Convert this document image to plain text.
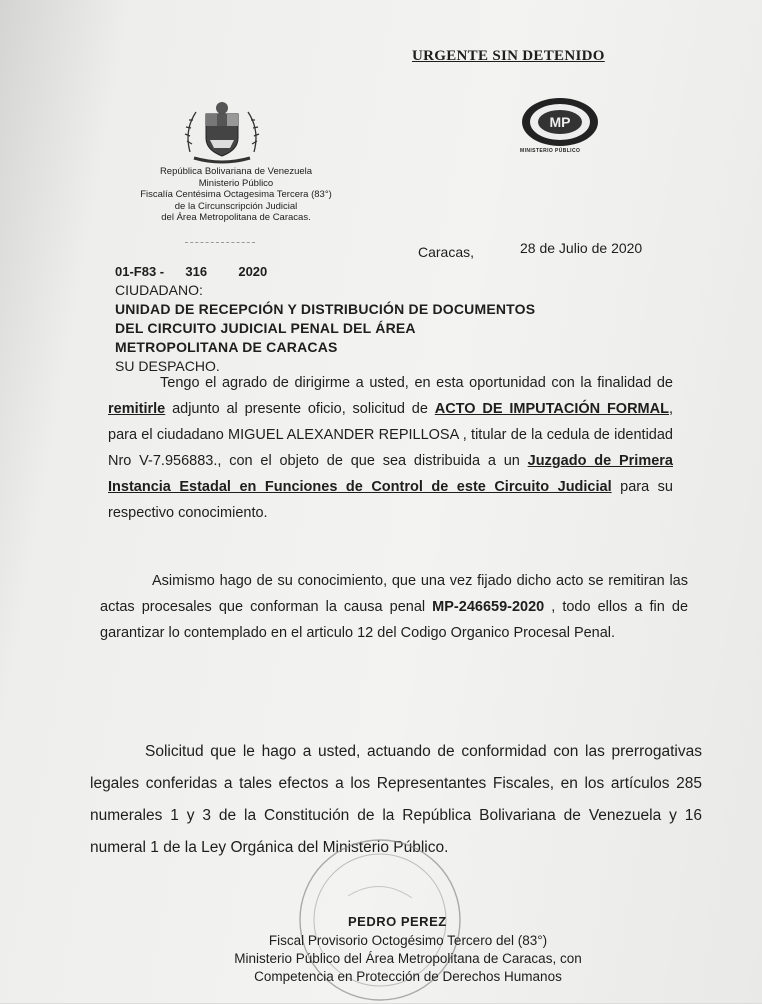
URGENTE SIN DETENIDO
MP
MINISTERIO PÚBLICO
República Bolivariana de Venezuela
Ministerio Público
Fiscalía Centésima Octagesima Tercera (83°)
de la Circunscripción Judicial
del Área Metropolitana de Caracas.
Caracas,	28 de Julio de 2020
01-F83 - 316 2020
CIUDADANO:
UNIDAD DE RECEPCIÓN Y DISTRIBUCIÓN DE DOCUMENTOS
DEL CIRCUITO JUDICIAL PENAL DEL ÁREA
METROPOLITANA DE CARACAS
SU DESPACHO.
Tengo el agrado de dirigirme a usted, en esta oportunidad con la finalidad de remitirle adjunto al presente oficio, solicitud de ACTO DE IMPUTACIÓN FORMAL, para el ciudadano MIGUEL ALEXANDER REPILLOSA , titular de la cedula de identidad Nro V-7.956883., con el objeto de que sea distribuida a un Juzgado de Primera Instancia Estadal en Funciones de Control de este Circuito Judicial para su respectivo conocimiento.
Asimismo hago de su conocimiento, que una vez fijado dicho acto se remitiran las actas procesales que conforman la causa penal MP-246659-2020 , todo ellos a fin de garantizar lo contemplado en el articulo 12 del Codigo Organico Procesal Penal.
Solicitud que le hago a usted, actuando de conformidad con las prerrogativas legales conferidas a tales efectos a los Representantes Fiscales, en los artículos 285 numerales 1 y 3 de la Constitución de la República Bolivariana de Venezuela y 16 numeral 1 de la Ley Orgánica del Ministerio Público.
PEDRO PEREZ
Fiscal Provisorio Octogésimo Tercero del (83°)
Ministerio Público del Área Metropolitana de Caracas, con
Competencia en Protección de Derechos Humanos
